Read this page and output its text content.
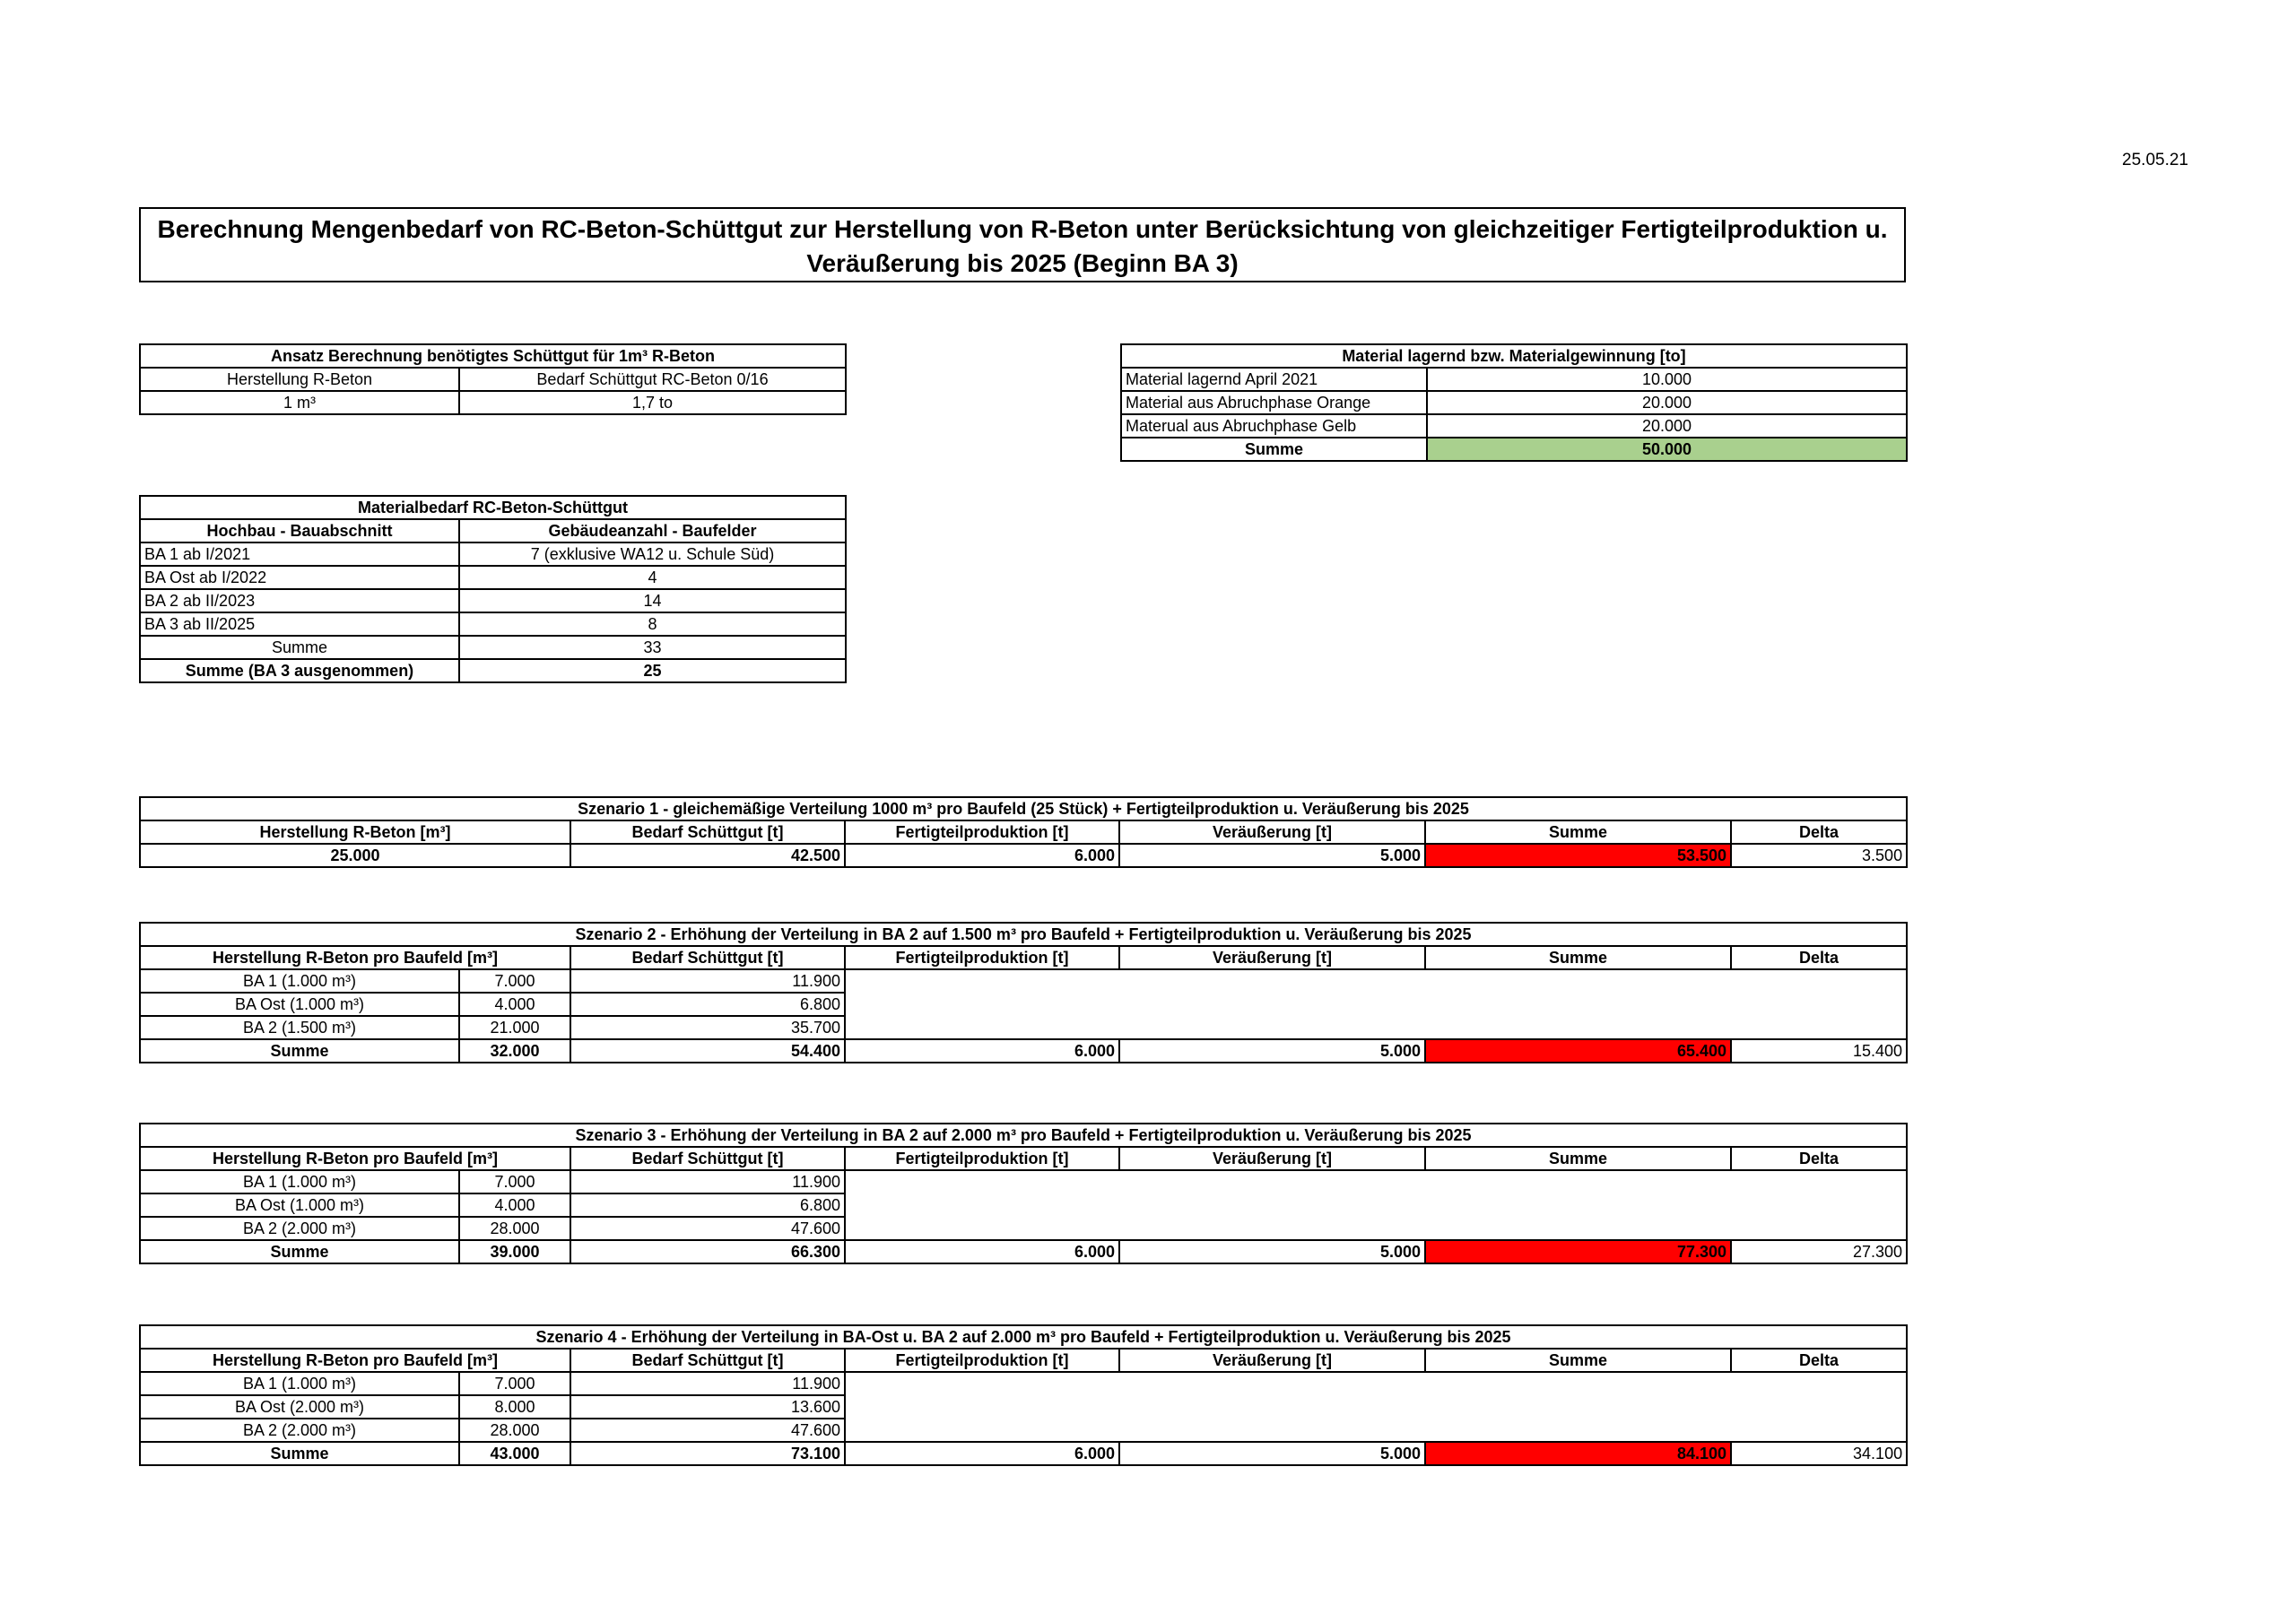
25.05.21
Berechnung Mengenbedarf von RC-Beton-Schüttgut zur Herstellung von R-Beton unter Berücksichtung von gleichzeitiger Fertigteilproduktion u.
Veräußerung bis 2025 (Beginn BA 3)
Ansatz Berechnung benötigtes Schüttgut für 1m³ R-Beton	
Herstellung R-Beton	Bedarf Schüttgut RC-Beton 0/16
1 m³	1,7 to
Material lagernd bzw. Materialgewinnung [to]	
Material lagernd April 2021	10.000
Material aus Abruchphase Orange	20.000
Materual aus Abruchphase Gelb	20.000
Summe	50.000
Materialbedarf RC-Beton-Schüttgut	
Hochbau - Bauabschnitt	Gebäudeanzahl - Baufelder
BA 1 ab I/2021	7 (exklusive WA12 u. Schule Süd)
BA Ost ab I/2022	4
BA 2 ab II/2023	14
BA 3 ab II/2025	8
Summe	33
Summe (BA 3 ausgenommen)	25
Szenario 1 - gleichemäßige Verteilung 1000 m³ pro Baufeld (25 Stück) + Fertigteilproduktion u. Veräußerung bis 2025					
Herstellung R-Beton [m³]	Bedarf Schüttgut [t]	Fertigteilproduktion [t]	Veräußerung [t]	Summe	Delta
25.000	42.500	6.000	5.000	53.500	3.500
Szenario 2 - Erhöhung der Verteilung in BA 2 auf 1.500 m³ pro Baufeld + Fertigteilproduktion u. Veräußerung bis 2025						
Herstellung R-Beton pro Baufeld [m³]		Bedarf Schüttgut [t]	Fertigteilproduktion [t]	Veräußerung [t]	Summe	Delta
BA 1 (1.000 m³)	7.000	11.900				
BA Ost (1.000 m³)	4.000	6.800				
BA 2 (1.500 m³)	21.000	35.700				
Summe	32.000	54.400	6.000	5.000	65.400	15.400
Szenario 3 - Erhöhung der Verteilung in BA 2 auf 2.000 m³ pro Baufeld + Fertigteilproduktion u. Veräußerung bis 2025						
Herstellung R-Beton pro Baufeld [m³]		Bedarf Schüttgut [t]	Fertigteilproduktion [t]	Veräußerung [t]	Summe	Delta
BA 1 (1.000 m³)	7.000	11.900				
BA Ost (1.000 m³)	4.000	6.800				
BA 2 (2.000 m³)	28.000	47.600				
Summe	39.000	66.300	6.000	5.000	77.300	27.300
Szenario 4 - Erhöhung der Verteilung in BA-Ost u. BA 2 auf 2.000 m³ pro Baufeld + Fertigteilproduktion u. Veräußerung bis 2025						
Herstellung R-Beton pro Baufeld [m³]		Bedarf Schüttgut [t]	Fertigteilproduktion [t]	Veräußerung [t]	Summe	Delta
BA 1 (1.000 m³)	7.000	11.900				
BA Ost (2.000 m³)	8.000	13.600				
BA 2 (2.000 m³)	28.000	47.600				
Summe	43.000	73.100	6.000	5.000	84.100	34.100
